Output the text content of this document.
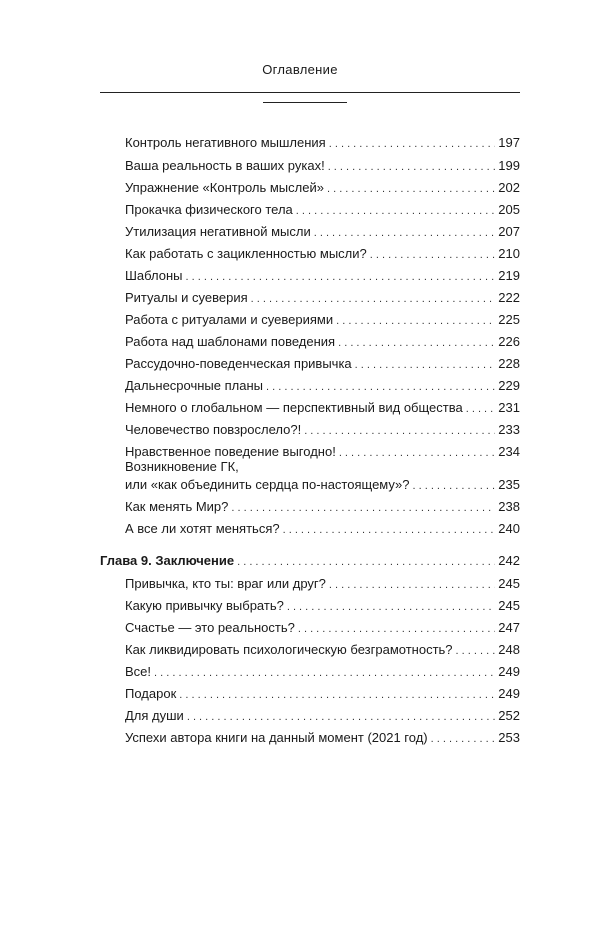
Оглавление
Контроль негативного мышления . . .	197
Ваша реальность в ваших руках! . . .	199
Упражнение «Контроль мыслей» . . .	202
Прокачка физического тела . . .	205
Утилизация негативной мысли . . .	207
Как работать с зацикленностью мысли? . . .	210
Шаблоны . . .	219
Ритуалы и суеверия . . .	222
Работа с ритуалами и суевериями . . .	225
Работа над шаблонами поведения . . .	226
Рассудочно-поведенческая привычка . . .	228
Дальнесрочные планы . . .	229
Немного о глобальном — перспективный вид общества . . .	231
Человечество повзрослело?! . . .	233
Нравственное поведение выгодно! . . .	234
Возникновение ГК,
или «как объединить сердца по-настоящему»? . . .	235
Как менять Мир? . . .	238
А все ли хотят меняться? . . .	240
Глава 9. Заключение . . .	242
Привычка, кто ты: враг или друг? . . .	245
Какую привычку выбрать? . . .	245
Счастье — это реальность? . . .	247
Как ликвидировать психологическую безграмотность? . . .	248
Все! . . .	249
Подарок . . .	249
Для души . . .	252
Успехи автора книги на данный момент (2021 год) . . .	253
